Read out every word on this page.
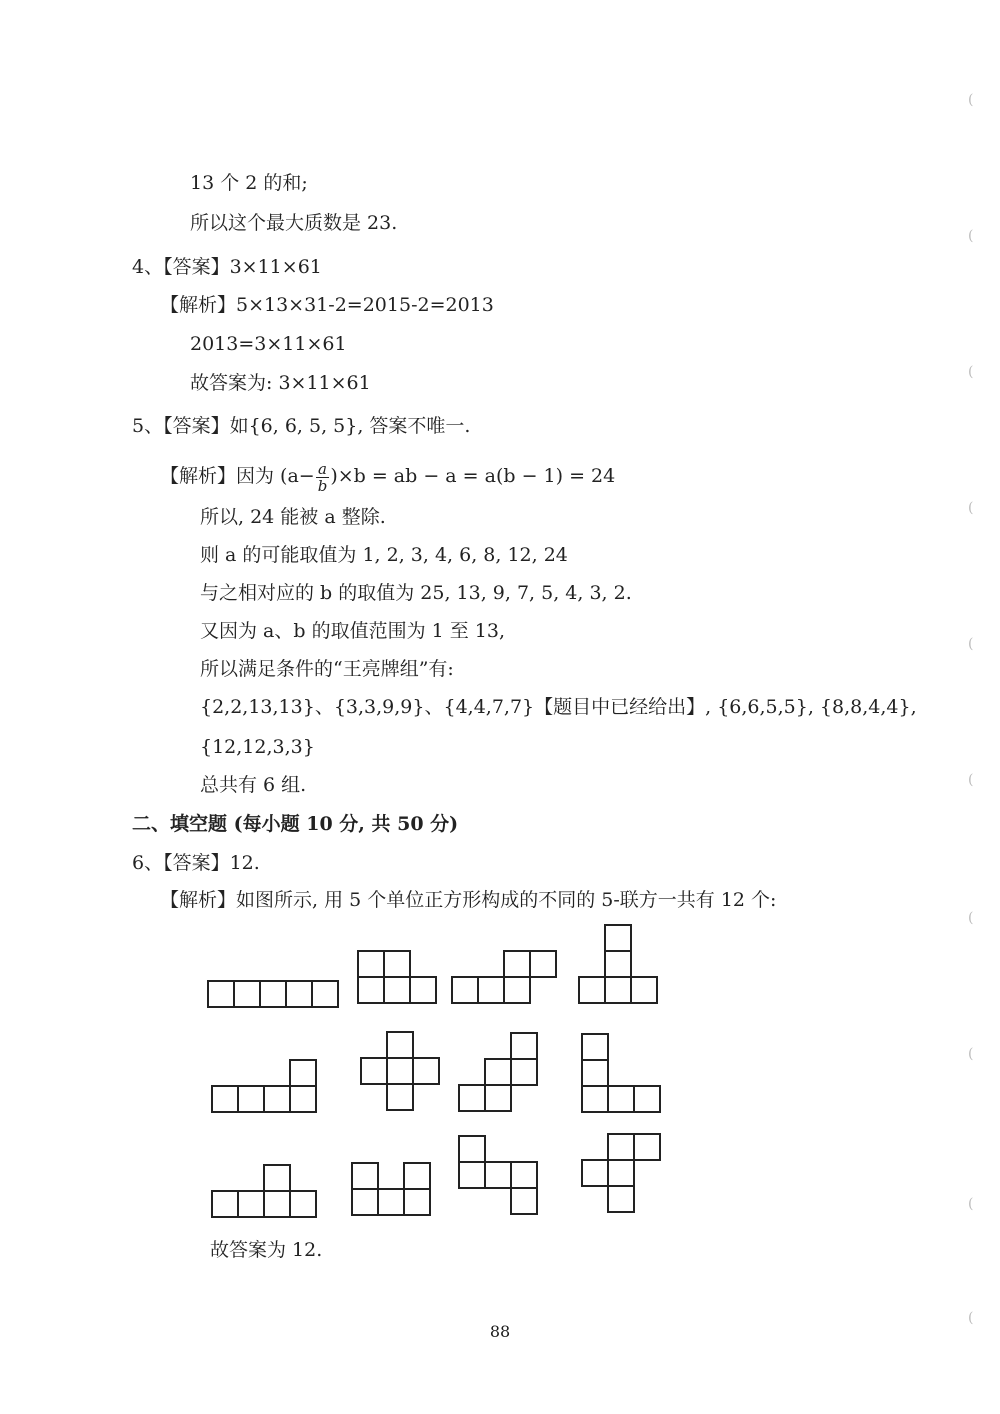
13 个 2 的和;
所以这个最大质数是 23.
4、【答案】3×11×61
【解析】5×13×31-2=2015-2=2013
2013=3×11×61
故答案为: 3×11×61
5、【答案】如{6, 6, 5, 5}, 答案不唯一.
【解析】因为 $(a- \frac{a}{b} )\times b$ = ab − a = a(b − 1) = 24
所以, 24 能被 a 整除.
则 a 的可能取值为 1, 2, 3, 4, 6, 8, 12, 24
与之相对应的 b 的取值为 25, 13, 9, 7, 5, 4, 3, 2.
又因为 a、b 的取值范围为 1 至 13,
所以满足条件的“王亮牌组”有:
{2,2,13,13}、{3,3,9,9}、{4,4,7,7}【题目中已经给出】, {6,6,5,5}, {8,8,4,4},
{12,12,3,3}
总共有 6 组.
二、填空题 (每小题 10 分, 共 50 分)
6、【答案】12.
【解析】如图所示, 用 5 个单位正方形构成的不同的 5-联方一共有 12 个:
故答案为 12.
88
(
(
(
(
(
(
(
(
(
(
